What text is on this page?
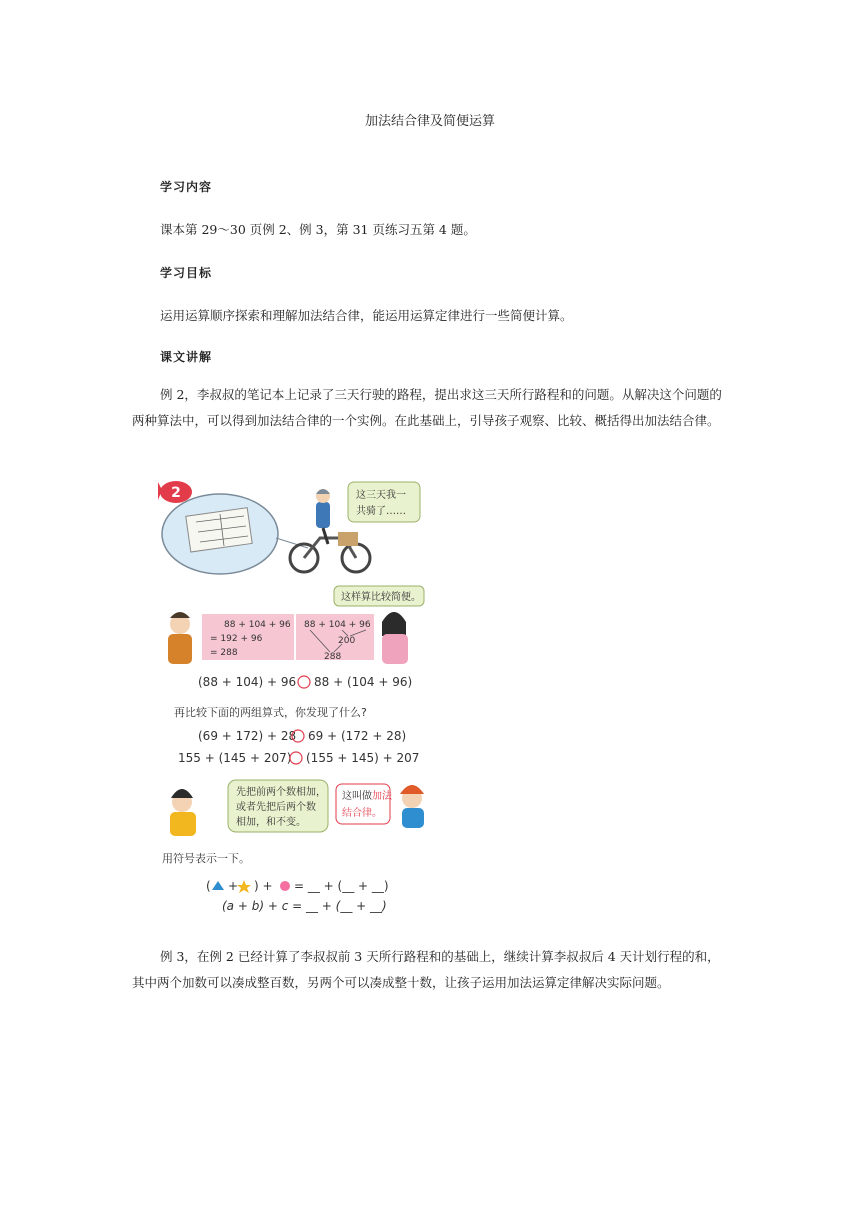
加法结合律及简便运算
学习内容
课本第 29～30 页例 2、例 3，第 31 页练习五第 4 题。
学习目标
运用运算顺序探索和理解加法结合律，能运用运算定律进行一些简便计算。
课文讲解
例 2，李叔叔的笔记本上记录了三天行驶的路程，提出求这三天所行路程和的问题。从解决这个问题的两种算法中，可以得到加法结合律的一个实例。在此基础上，引导孩子观察、比较、概括得出加法结合律。
2	这三天我一
共骑了……
这样算比较简便。
88 + 104 + 96
= 192 + 96
= 288
88 + 104 + 96
200
288
(88 + 104) + 96 88 + (104 + 96)
再比较下面的两组算式，你发现了什么?
(69 + 172) + 28 69 + (172 + 28)
155 + (145 + 207) (155 + 145) + 207
先把前两个数相加，
或者先把后两个数
相加，和不变。
这叫做 加法
结合律。
用符号表示一下。
( + ) + = __ + (__ + __)
(a + b) + c = __ + (__ + __)
例 3，在例 2 已经计算了李叔叔前 3 天所行路程和的基础上，继续计算李叔叔后 4 天计划行程的和，其中两个加数可以凑成整百数，另两个可以凑成整十数，让孩子运用加法运算定律解决实际问题。
